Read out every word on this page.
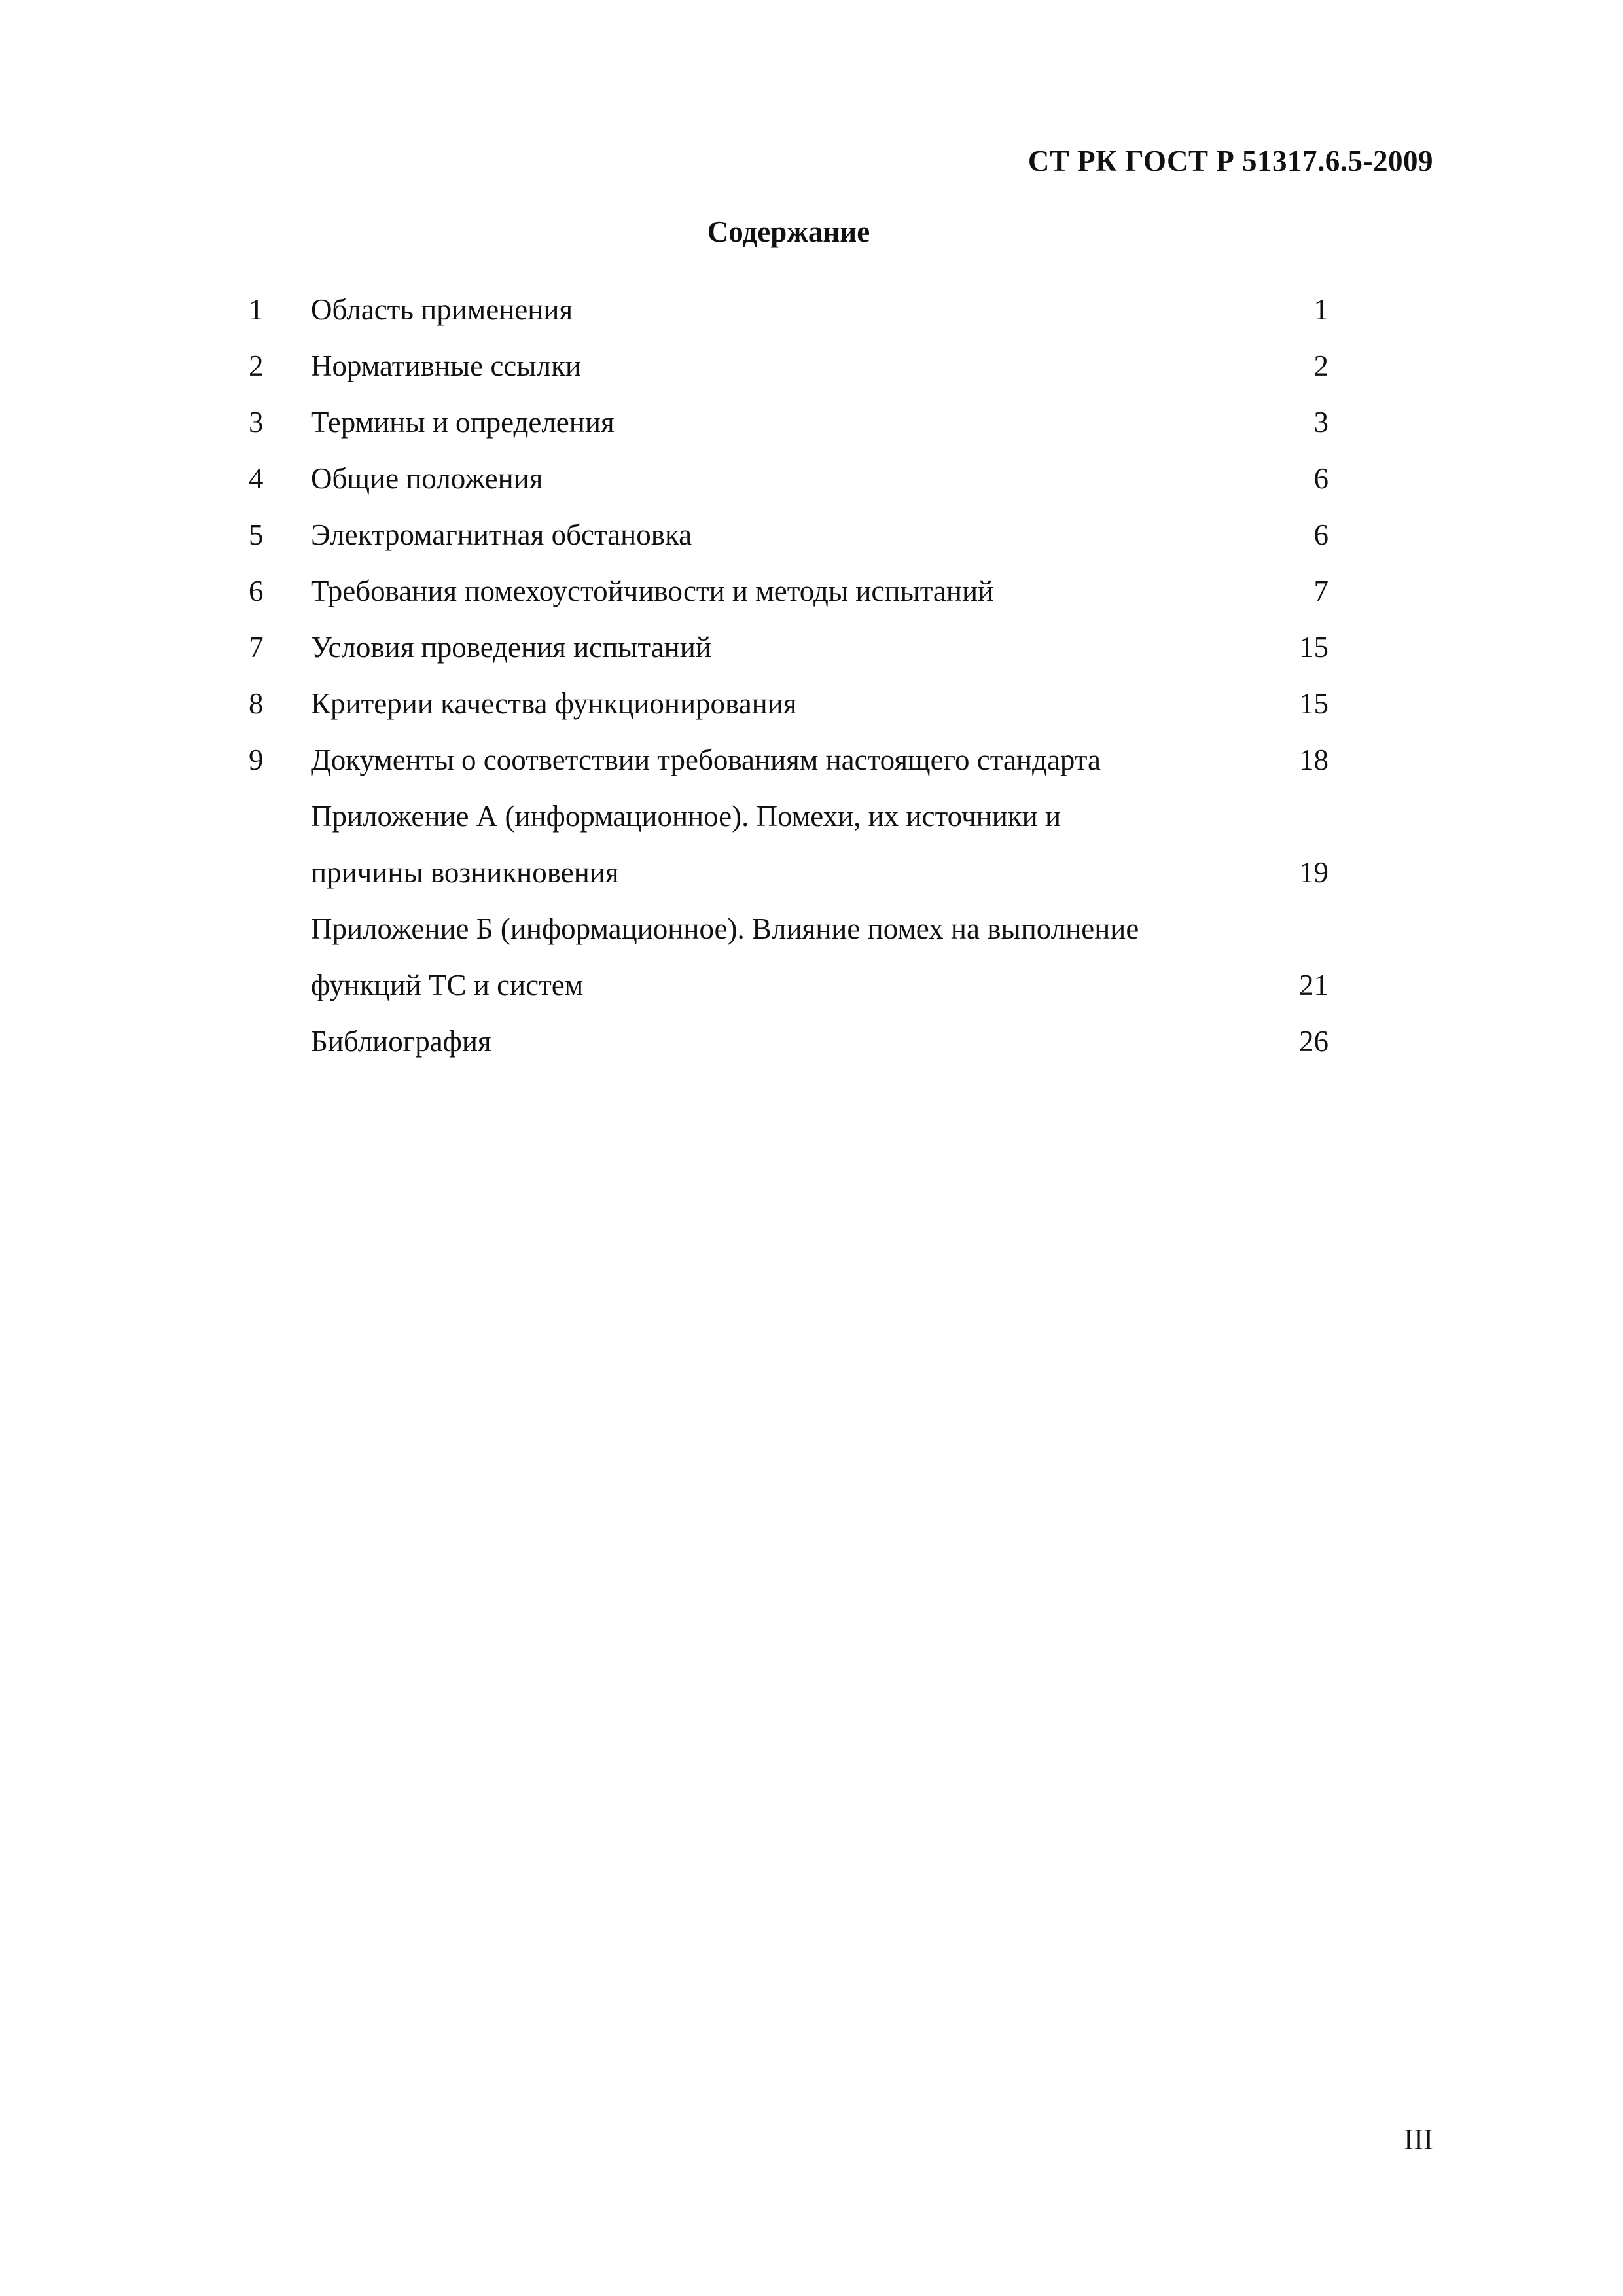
СТ РК ГОСТ Р 51317.6.5-2009
Содержание
1	Область применения	1
2	Нормативные ссылки	2
3	Термины и определения	3
4	Общие положения	6
5	Электромагнитная обстановка	6
6	Требования помехоустойчивости и методы испытаний	7
7	Условия проведения испытаний	15
8	Критерии качества функционирования	15
9	Документы о соответствии требованиям настоящего стандарта	18
Приложение А (информационное). Помехи, их источники и
причины возникновения	19
Приложение Б (информационное). Влияние помех на выполнение
функций ТС и систем	21
Библиография	26
III
